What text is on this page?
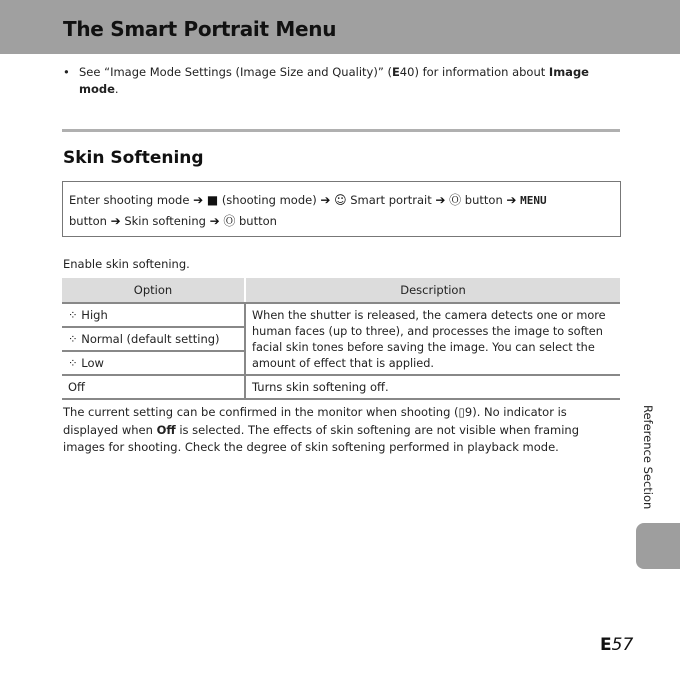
The Smart Portrait Menu
• See “Image Mode Settings (Image Size and Quality)” (E40) for information about Image mode.
Skin Softening
Enter shooting mode ➔ ■ (shooting mode) ➔ ☺ Smart portrait ➔ Ⓞ button ➔ MENU
button ➔ Skin softening ➔ Ⓞ button
Enable skin softening.
Option	Description
⁘ High	When the shutter is released, the camera detects one or more human faces (up to three), and processes the image to soften facial skin tones before saving the image. You can select the amount of effect that is applied.
⁘ Normal (default setting)	
⁘ Low	
Off	Turns skin softening off.
The current setting can be confirmed in the monitor when shooting (▯9). No indicator is displayed when Off is selected. The effects of skin softening are not visible when framing images for shooting. Check the degree of skin softening performed in playback mode.	Reference Section
E57
